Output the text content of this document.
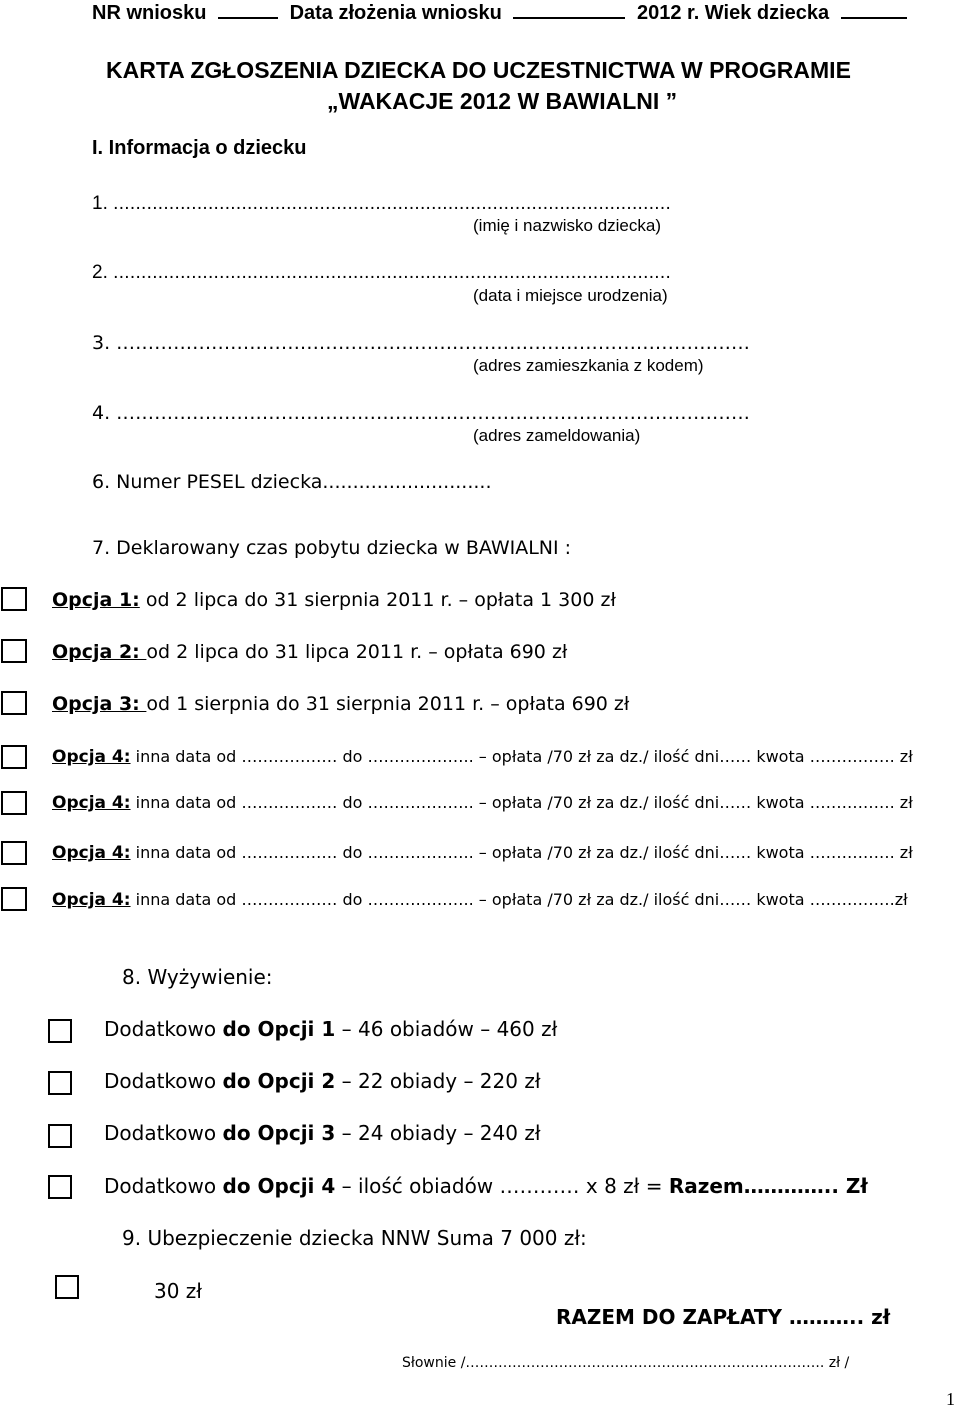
NR wniosku	Data złożenia wniosku	2012 r. Wiek dziecka
KARTA ZGŁOSZENIA DZIECKA DO UCZESTNICTWA W PROGRAMIE
„WAKACJE 2012 W BAWIALNI ”
I. Informacja o dziecku
1. ....................................................................................................
(imię i nazwisko dziecka)
2. ....................................................................................................
(data i miejsce urodzenia)
3. ....................................................................................................
(adres zamieszkania z kodem)
4. ....................................................................................................
(adres zameldowania)
6. Numer PESEL dziecka............................
7. Deklarowany czas pobytu dziecka w BAWIALNI :
Opcja 1: od 2 lipca do 31 sierpnia 2011 r. – opłata 1 300 zł
Opcja 2: od 2 lipca do 31 lipca 2011 r. – opłata 690 zł
Opcja 3: od 1 sierpnia do 31 sierpnia 2011 r. – opłata 690 zł
Opcja 4: inna data od ……………… do ……………….. – opłata /70 zł za dz./ ilość dni…… kwota ……………. zł
Opcja 4: inna data od ……………… do ……………….. – opłata /70 zł za dz./ ilość dni…… kwota ……………. zł
Opcja 4: inna data od ……………… do ……………….. – opłata /70 zł za dz./ ilość dni…… kwota ……………. zł
Opcja 4: inna data od ……………… do ……………….. – opłata /70 zł za dz./ ilość dni…… kwota …………….zł
8. Wyżywienie:
Dodatkowo do Opcji 1 – 46 obiadów – 460 zł
Dodatkowo do Opcji 2 – 22 obiady – 220 zł
Dodatkowo do Opcji 3 – 24 obiady – 240 zł
Dodatkowo do Opcji 4 – ilość obiadów ………… x 8 zł = Razem………….. Zł
9. Ubezpieczenie dziecka NNW Suma 7 000 zł:
30 zł
RAZEM DO ZAPŁATY ……….. zł
Słownie /………………………………………………………………….. zł /
1
